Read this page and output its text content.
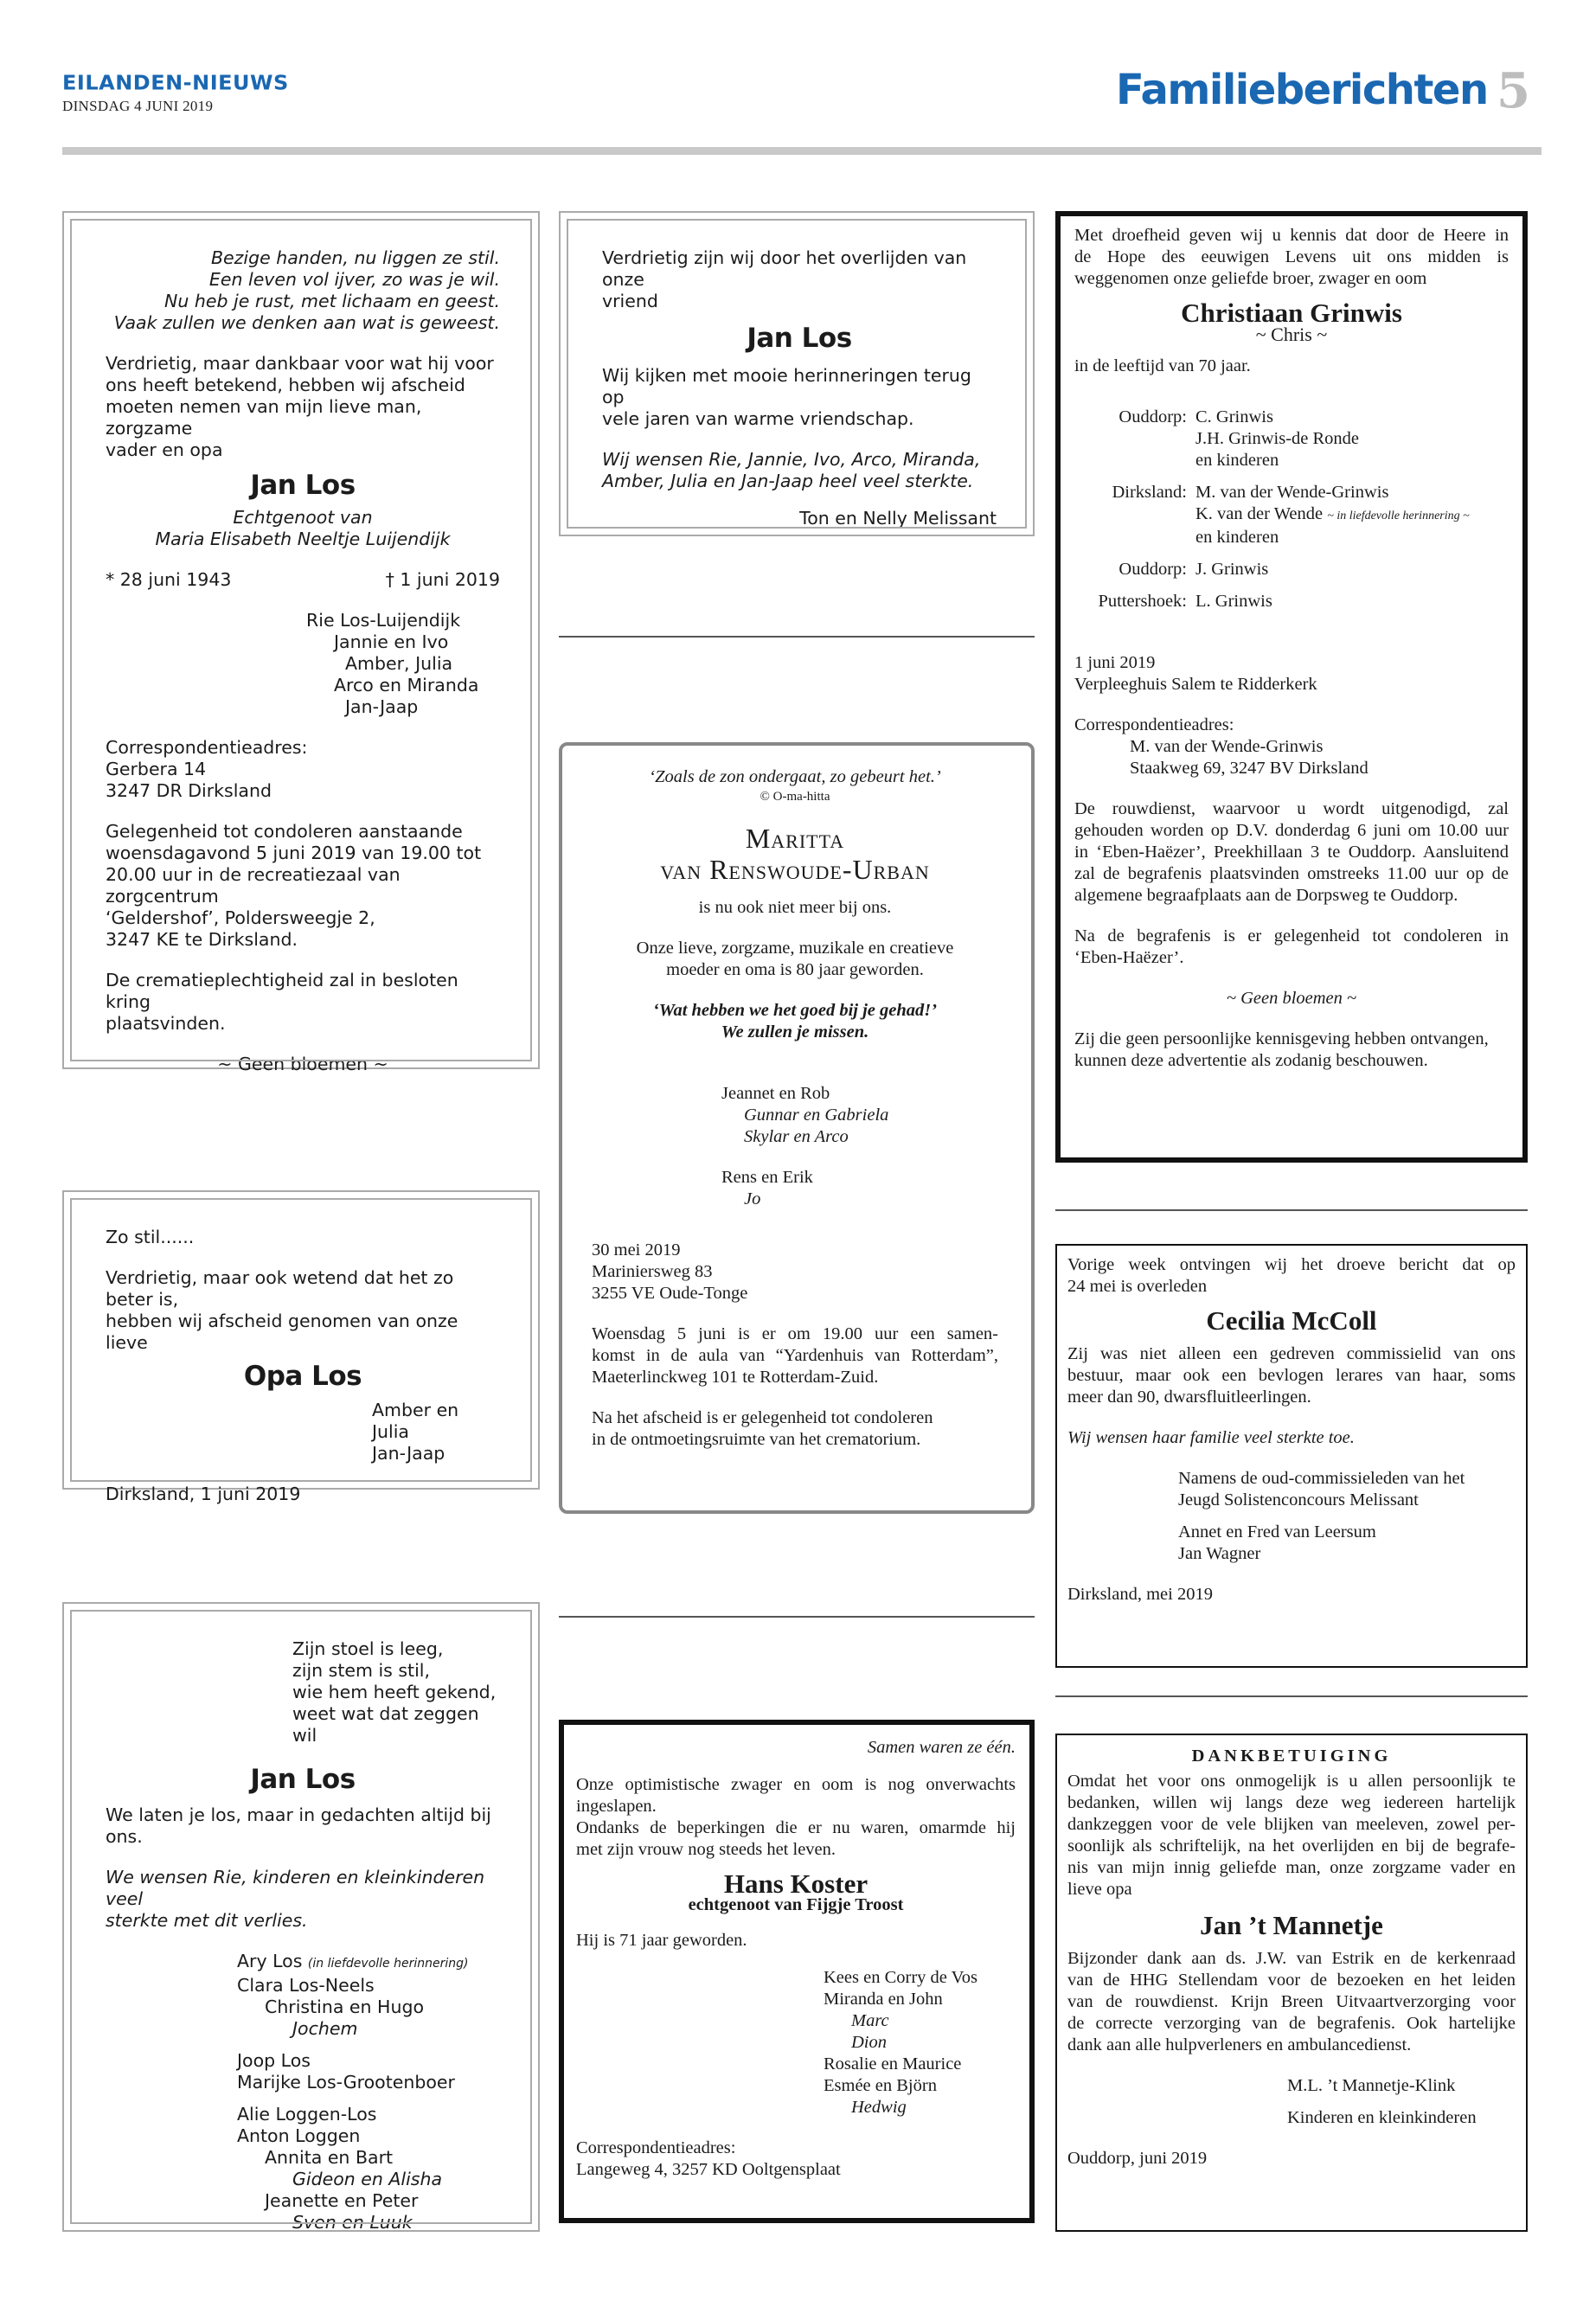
EILANDEN-NIEUWS
DINSDAG 4 JUNI 2019	Familieberichten 5

Bezige handen, nu liggen ze stil.

Een leven vol ijver, zo was je wil.

Nu heb je rust, met lichaam en geest.

Vaak zullen we denken aan wat is geweest.

Verdrietig, maar dankbaar voor wat hij voor

ons heeft betekend, hebben wij afscheid

moeten nemen van mijn lieve man, zorgzame

vader en opa

Jan Los

Echtgenoot van

Maria Elisabeth Neeltje Luijendijk

* 28 juni 1943	† 1 juni 2019

Rie Los-Luijendijk

Jannie en Ivo

Amber, Julia

Arco en Miranda

Jan-Jaap

Correspondentieadres:

Gerbera 14

3247 DR Dirksland

Gelegenheid tot condoleren aanstaande

woensdagavond 5 juni 2019 van 19.00 tot

20.00 uur in de recreatiezaal van zorgcentrum

‘Geldershof’, Poldersweegje 2,

3247 KE te Dirksland.

De crematieplechtigheid zal in besloten kring

plaatsvinden.

~ Geen bloemen ~

Verdrietig zijn wij door het overlijden van onze

vriend

Jan Los

Wij kijken met mooie herinneringen terug op

vele jaren van warme vriendschap.

Wij wensen Rie, Jannie, Ivo, Arco, Miranda,

Amber, Julia en Jan-Jaap heel veel sterkte.

Ton en Nelly Melissant

Met droefheid geven wij u kennis dat door de Heere in

de Hope des eeuwigen Levens uit ons midden is

weggenomen onze geliefde broer, zwager en oom

Christiaan Grinwis
~ Chris ~
in de leeftijd van 70 jaar.
Ouddorp: C. Grinwis

J.H. Grinwis-de Ronde

en kinderen

Dirksland: M. van der Wende-Grinwis

K. van der Wende ~ in liefdevolle herinnering ~

en kinderen

Ouddorp: J. Grinwis

Puttershoek: L. Grinwis

1 juni 2019

Verpleeghuis Salem te Ridderkerk

Correspondentieadres:

M. van der Wende-Grinwis

Staakweg 69, 3247 BV Dirksland

De rouwdienst, waarvoor u wordt uitgenodigd, zal

gehouden worden op D.V. donderdag 6 juni om 10.00 uur

in ‘Eben-Haëzer’, Preekhillaan 3 te Ouddorp. Aansluitend

zal de begrafenis plaatsvinden omstreeks 11.00 uur op de

algemene begraafplaats aan de Dorpsweg te Ouddorp.

Na de begrafenis is er gelegenheid tot condoleren in

‘Eben-Haëzer’.

~ Geen bloemen ~

Zij die geen persoonlijke kennisgeving hebben ontvangen,

kunnen deze advertentie als zodanig beschouwen.

‘Zoals de zon ondergaat, zo gebeurt het.’
© O-ma-hitta

Maritta

van Renswoude-Urban

is nu ook niet meer bij ons.

Onze lieve, zorgzame, muzikale en creatieve

moeder en oma is 80 jaar geworden.

‘Wat hebben we het goed bij je gehad!’

We zullen je missen.

Jeannet en Rob

Gunnar en Gabriela

Skylar en Arco

Rens en Erik

Jo

30 mei 2019

Mariniersweg 83

3255 VE Oude-Tonge

Woensdag 5 juni is er om 19.00 uur een samen-

komst in de aula van “Yardenhuis van Rotterdam”,

Maeterlinckweg 101 te Rotterdam-Zuid.

Na het afscheid is er gelegenheid tot condoleren

in de ontmoetingsruimte van het crematorium.

Zo stil......

Verdrietig, maar ook wetend dat het zo beter is,

hebben wij afscheid genomen van onze lieve

Opa Los

Amber en Julia

Jan-Jaap

Dirksland, 1 juni 2019

Vorige week ontvingen wij het droeve bericht dat op

24 mei is overleden

Cecilia McColl

Zij was niet alleen een gedreven commissielid van ons

bestuur, maar ook een bevlogen lerares van haar, soms

meer dan 90, dwarsfluitleerlingen.

Wij wensen haar familie veel sterkte toe.

Namens de oud-commissieleden van het

Jeugd Solistenconcours Melissant

Annet en Fred van Leersum

Jan Wagner

Dirksland, mei 2019

Zijn stoel is leeg,

zijn stem is stil,

wie hem heeft gekend,

weet wat dat zeggen wil

Jan Los
We laten je los, maar in gedachten altijd bij ons.

We wensen Rie, kinderen en kleinkinderen veel

sterkte met dit verlies.

Ary Los (in liefdevolle herinnering)

Clara Los-Neels

Christina en Hugo

Jochem

Joop Los

Marijke Los-Grootenboer

Alie Loggen-Los

Anton Loggen

Annita en Bart

Gideon en Alisha

Jeanette en Peter

Sven en Luuk

Samen waren ze één.

Onze optimistische zwager en oom is nog onverwachts

ingeslapen.

Ondanks de beperkingen die er nu waren, omarmde hij

met zijn vrouw nog steeds het leven.

Hans Koster
echtgenoot van Fijgje Troost
Hij is 71 jaar geworden.

Kees en Corry de Vos

Miranda en John

Marc

Dion

Rosalie en Maurice

Esmée en Björn

Hedwig

Correspondentieadres:

Langeweg 4, 3257 KD Ooltgensplaat

DANKBETUIGING

Omdat het voor ons onmogelijk is u allen persoonlijk te

bedanken, willen wij langs deze weg iedereen hartelijk

dankzeggen voor de vele blijken van meeleven, zowel per-

soonlijk als schriftelijk, na het overlijden en bij de begrafe-

nis van mijn innig geliefde man, onze zorgzame vader en

lieve opa

Jan ’t Mannetje

Bijzonder dank aan ds. J.W. van Estrik en de kerkenraad

van de HHG Stellendam voor de bezoeken en het leiden

van de rouwdienst. Krijn Breen Uitvaartverzorging voor

de correcte verzorging van de begrafenis. Ook hartelijke

dank aan alle hulpverleners en ambulancedienst.

M.L. ’t Mannetje-Klink

Kinderen en kleinkinderen

Ouddorp, juni 2019
